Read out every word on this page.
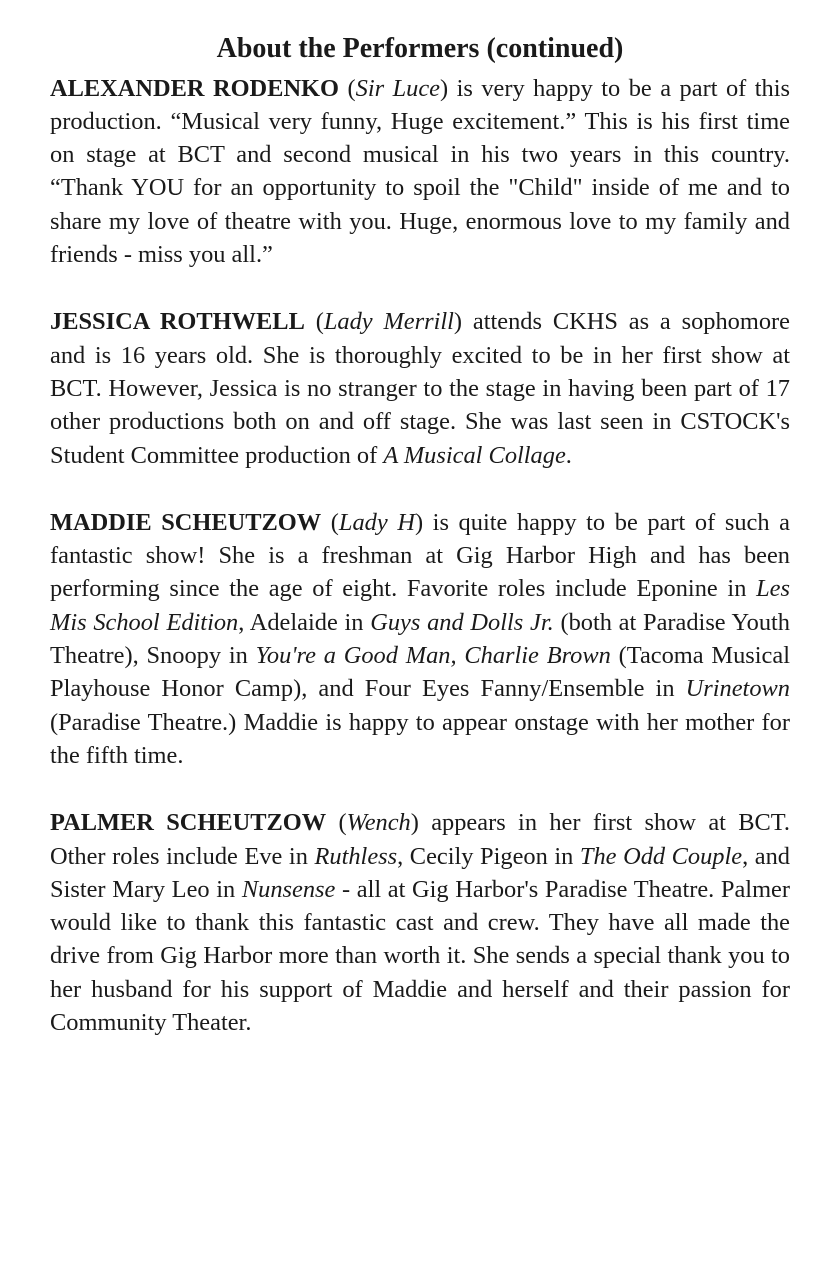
About the Performers (continued)

ALEXANDER RODENKO (Sir Luce) is very happy to be a part of this production. “Musical very funny, Huge excitement.” This is his first time on stage at BCT and second musical in his two years in this country. “Thank YOU for an opportunity to spoil the "Child" inside of me and to share my love of theatre with you. Huge, enormous love to my family and friends - miss you all.”

JESSICA ROTHWELL (Lady Merrill) attends CKHS as a sophomore and is 16 years old. She is thoroughly excited to be in her first show at BCT. However, Jessica is no stranger to the stage in having been part of 17 other productions both on and off stage. She was last seen in CSTOCK's Student Committee production of A Musical Collage.

MADDIE SCHEUTZOW (Lady H) is quite happy to be part of such a fantastic show! She is a freshman at Gig Harbor High and has been performing since the age of eight. Favorite roles include Eponine in Les Mis School Edition, Adelaide in Guys and Dolls Jr. (both at Paradise Youth Theatre), Snoopy in You're a Good Man, Charlie Brown (Tacoma Musical Playhouse Honor Camp), and Four Eyes Fanny/Ensemble in Urinetown (Paradise Theatre.) Maddie is happy to appear onstage with her mother for the fifth time.

PALMER SCHEUTZOW (Wench) appears in her first show at BCT. Other roles include Eve in Ruthless, Cecily Pigeon in The Odd Couple, and Sister Mary Leo in Nunsense - all at Gig Harbor's Paradise Theatre. Palmer would like to thank this fantastic cast and crew. They have all made the drive from Gig Harbor more than worth it. She sends a special thank you to her husband for his support of Maddie and herself and their passion for Community Theater.
